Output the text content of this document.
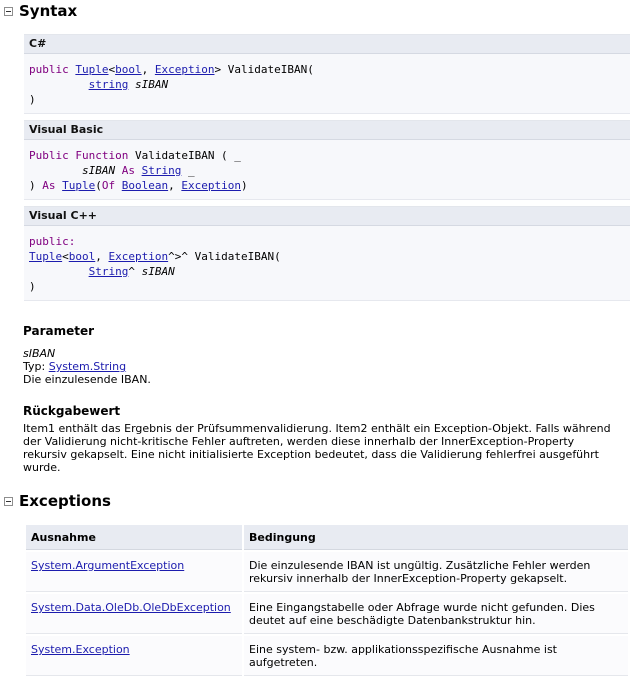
Syntax
C#
public Tuple<bool, Exception> ValidateIBAN(
string sIBAN
)
Visual Basic
Public Function ValidateIBAN ( _
sIBAN As String _
) As Tuple(Of Boolean, Exception)
Visual C++
public:
Tuple<bool, Exception^>^ ValidateIBAN(
String^ sIBAN
)
Parameter
sIBAN
Typ: System.String
Die einzulesende IBAN.
Rückgabewert
Item1 enthält das Ergebnis der Prüfsummenvalidierung. Item2 enthält ein Exception-Objekt. Falls während
der Validierung nicht-kritische Fehler auftreten, werden diese innerhalb der InnerException-Property
rekursiv gekapselt. Eine nicht initialisierte Exception bedeutet, dass die Validierung fehlerfrei ausgeführt
wurde.
Exceptions
Ausnahme	Bedingung
System.ArgumentException	Die einzulesende IBAN ist ungültig. Zusätzliche Fehler werden
rekursiv innerhalb der InnerException-Property gekapselt.

System.Data.OleDb.OleDbException	Eine Eingangstabelle oder Abfrage wurde nicht gefunden. Dies
deutet auf eine beschädigte Datenbankstruktur hin.

System.Exception	Eine system- bzw. applikationsspezifische Ausnahme ist
aufgetreten.
